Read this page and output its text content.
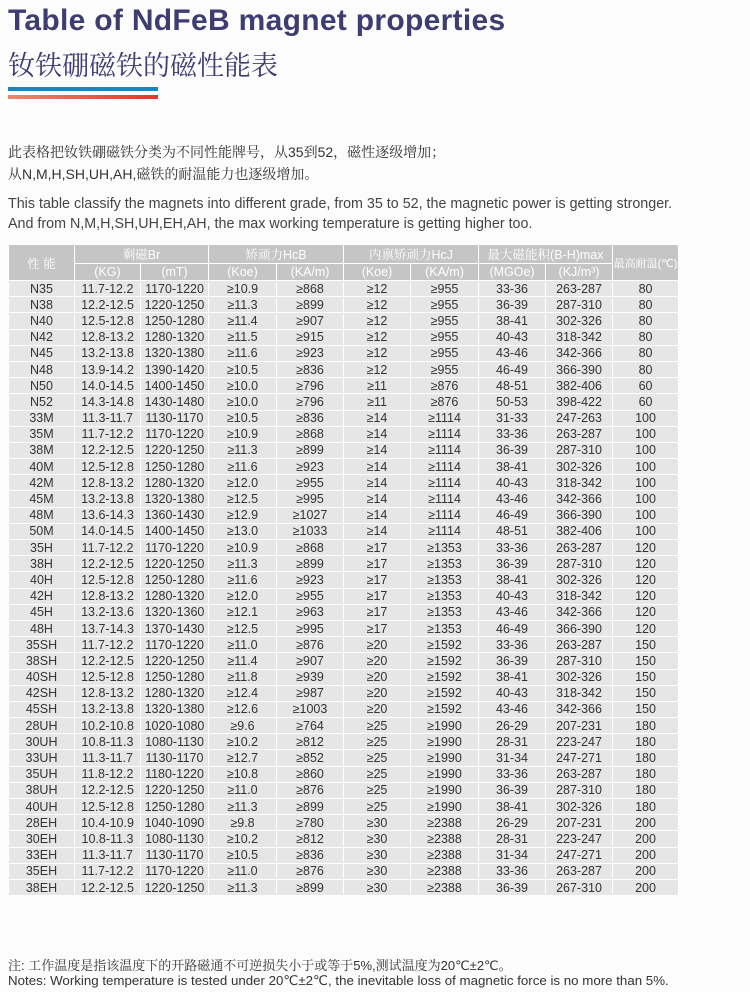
Table of NdFeB magnet properties
钕铁硼磁铁的磁性能表
此表格把钕铁硼磁铁分类为不同性能牌号，从35到52，磁性逐级增加；
从N,M,H,SH,UH,AH,磁铁的耐温能力也逐级增加。
This table classify the magnets into different grade, from 35 to 52, the magnetic power is getting stronger.
And from N,M,H,SH,UH,EH,AH, the max working temperature is getting higher too.
性 能	剩磁Br		矫顽力HcB		内禀矫顽力HcJ		最大磁能积(B-H)max		最高耐温(℃)
	(KG)	(mT)	(Koe)	(KA/m)	(Koe)	(KA/m)	(MGOe)	(KJ/m³)	
N35	11.7-12.2	1170-1220	≥10.9	≥868	≥12	≥955	33-36	263-287	80
N38	12.2-12.5	1220-1250	≥11.3	≥899	≥12	≥955	36-39	287-310	80
N40	12.5-12.8	1250-1280	≥11.4	≥907	≥12	≥955	38-41	302-326	80
N42	12.8-13.2	1280-1320	≥11.5	≥915	≥12	≥955	40-43	318-342	80
N45	13.2-13.8	1320-1380	≥11.6	≥923	≥12	≥955	43-46	342-366	80
N48	13.9-14.2	1390-1420	≥10.5	≥836	≥12	≥955	46-49	366-390	80
N50	14.0-14.5	1400-1450	≥10.0	≥796	≥11	≥876	48-51	382-406	60
N52	14.3-14.8	1430-1480	≥10.0	≥796	≥11	≥876	50-53	398-422	60
33M	11.3-11.7	1130-1170	≥10.5	≥836	≥14	≥1114	31-33	247-263	100
35M	11.7-12.2	1170-1220	≥10.9	≥868	≥14	≥1114	33-36	263-287	100
38M	12.2-12.5	1220-1250	≥11.3	≥899	≥14	≥1114	36-39	287-310	100
40M	12.5-12.8	1250-1280	≥11.6	≥923	≥14	≥1114	38-41	302-326	100
42M	12.8-13.2	1280-1320	≥12.0	≥955	≥14	≥1114	40-43	318-342	100
45M	13.2-13.8	1320-1380	≥12.5	≥995	≥14	≥1114	43-46	342-366	100
48M	13.6-14.3	1360-1430	≥12.9	≥1027	≥14	≥1114	46-49	366-390	100
50M	14.0-14.5	1400-1450	≥13.0	≥1033	≥14	≥1114	48-51	382-406	100
35H	11.7-12.2	1170-1220	≥10.9	≥868	≥17	≥1353	33-36	263-287	120
38H	12.2-12.5	1220-1250	≥11.3	≥899	≥17	≥1353	36-39	287-310	120
40H	12.5-12.8	1250-1280	≥11.6	≥923	≥17	≥1353	38-41	302-326	120
42H	12.8-13.2	1280-1320	≥12.0	≥955	≥17	≥1353	40-43	318-342	120
45H	13.2-13.6	1320-1360	≥12.1	≥963	≥17	≥1353	43-46	342-366	120
48H	13.7-14.3	1370-1430	≥12.5	≥995	≥17	≥1353	46-49	366-390	120
35SH	11.7-12.2	1170-1220	≥11.0	≥876	≥20	≥1592	33-36	263-287	150
38SH	12.2-12.5	1220-1250	≥11.4	≥907	≥20	≥1592	36-39	287-310	150
40SH	12.5-12.8	1250-1280	≥11.8	≥939	≥20	≥1592	38-41	302-326	150
42SH	12.8-13.2	1280-1320	≥12.4	≥987	≥20	≥1592	40-43	318-342	150
45SH	13.2-13.8	1320-1380	≥12.6	≥1003	≥20	≥1592	43-46	342-366	150
28UH	10.2-10.8	1020-1080	≥9.6	≥764	≥25	≥1990	26-29	207-231	180
30UH	10.8-11.3	1080-1130	≥10.2	≥812	≥25	≥1990	28-31	223-247	180
33UH	11.3-11.7	1130-1170	≥12.7	≥852	≥25	≥1990	31-34	247-271	180
35UH	11.8-12.2	1180-1220	≥10.8	≥860	≥25	≥1990	33-36	263-287	180
38UH	12.2-12.5	1220-1250	≥11.0	≥876	≥25	≥1990	36-39	287-310	180
40UH	12.5-12.8	1250-1280	≥11.3	≥899	≥25	≥1990	38-41	302-326	180
28EH	10.4-10.9	1040-1090	≥9.8	≥780	≥30	≥2388	26-29	207-231	200
30EH	10.8-11.3	1080-1130	≥10.2	≥812	≥30	≥2388	28-31	223-247	200
33EH	11.3-11.7	1130-1170	≥10.5	≥836	≥30	≥2388	31-34	247-271	200
35EH	11.7-12.2	1170-1220	≥11.0	≥876	≥30	≥2388	33-36	263-287	200
38EH	12.2-12.5	1220-1250	≥11.3	≥899	≥30	≥2388	36-39	267-310	200
注: 工作温度是指该温度下的开路磁通不可逆损失小于或等于5%,测试温度为20℃±2℃。
Notes: Working temperature is tested under 20℃±2℃, the inevitable loss of magnetic force is no more than 5%.
